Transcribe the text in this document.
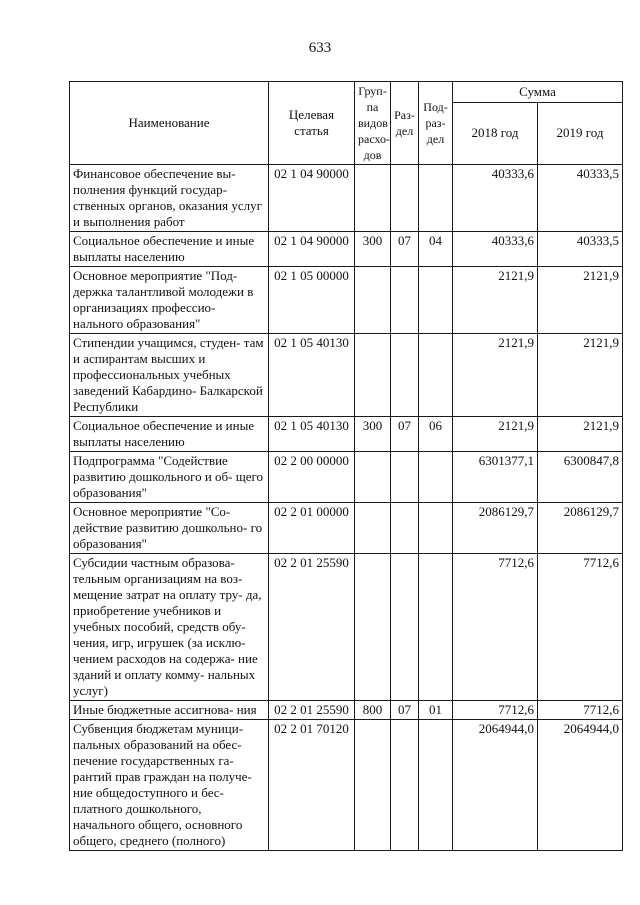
633
Наименование	Целевая статья	Груп- па видов расхо- дов	Раз- дел	Под- раз- дел	Сумма	
					2018 год	2019 год
Финансовое обеспечение вы- полнения функций государ- ственных органов, оказания услуг и выполнения работ	02 1 04 90000				40333,6	40333,5
Социальное обеспечение и иные выплаты населению	02 1 04 90000	300	07	04	40333,6	40333,5
Основное мероприятие "Под- держка талантливой молодежи в организациях профессио- нального образования"	02 1 05 00000				2121,9	2121,9
Стипендии учащимся, студен- там и аспирантам высших и профессиональных учебных заведений Кабардино- Балкарской Республики	02 1 05 40130				2121,9	2121,9
Социальное обеспечение и иные выплаты населению	02 1 05 40130	300	07	06	2121,9	2121,9
Подпрограмма "Содействие развитию дошкольного и об- щего образования"	02 2 00 00000				6301377,1	6300847,8
Основное мероприятие "Со- действие развитию дошкольно- го образования"	02 2 01 00000				2086129,7	2086129,7
Субсидии частным образова- тельным организациям на воз- мещение затрат на оплату тру- да, приобретение учебников и учебных пособий, средств обу- чения, игр, игрушек (за исклю- чением расходов на содержа- ние зданий и оплату комму- нальных услуг)	02 2 01 25590				7712,6	7712,6
Иные бюджетные ассигнова- ния	02 2 01 25590	800	07	01	7712,6	7712,6
Субвенция бюджетам муници- пальных образований на обес- печение государственных га- рантий прав граждан на получе- ние общедоступного и бес- платного дошкольного, начального общего, основного общего, среднего (полного)	02 2 01 70120				2064944,0	2064944,0
